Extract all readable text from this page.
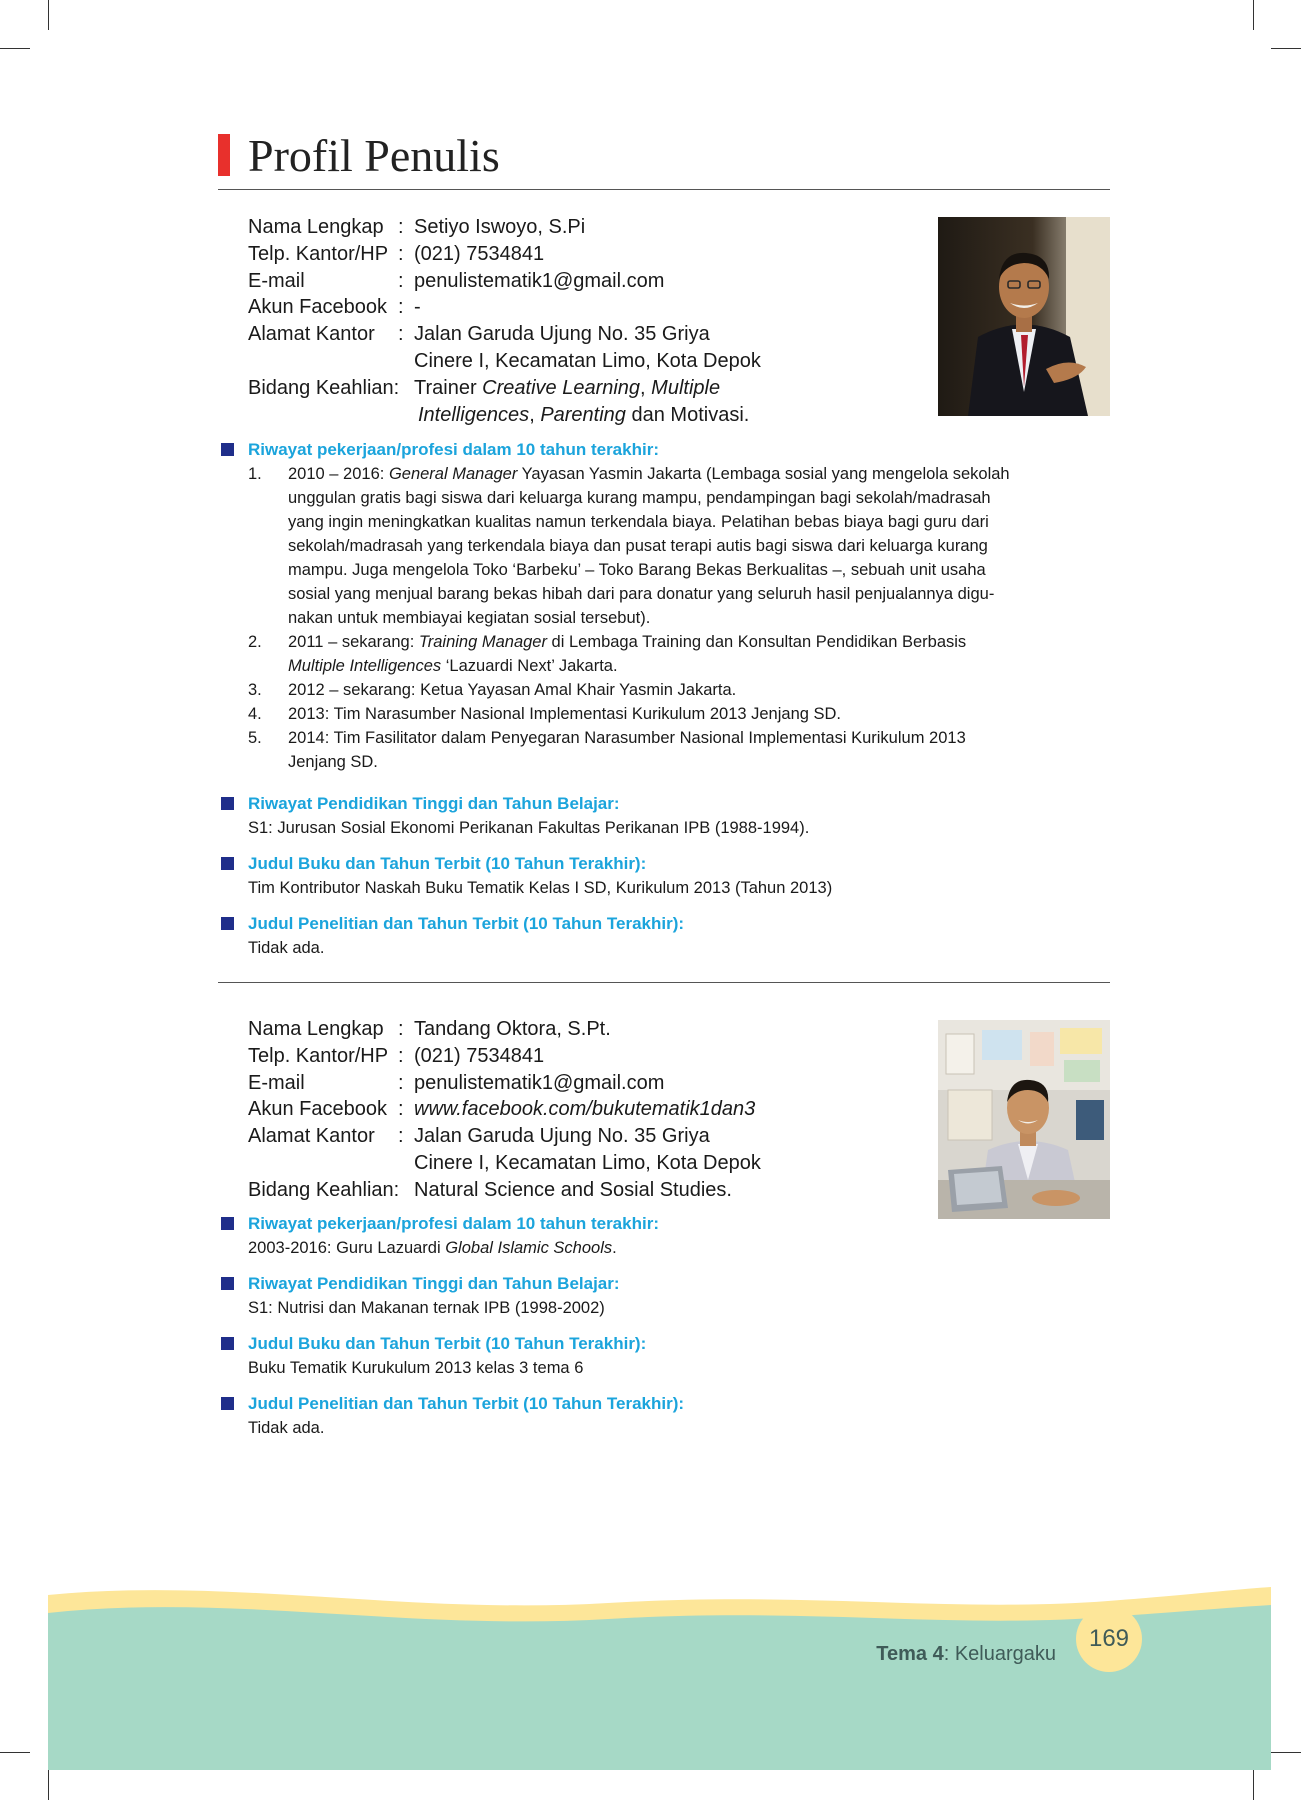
Profil Penulis
Nama Lengkap : Setiyo Iswoyo, S.Pi
Telp. Kantor/HP : (021) 7534841
E-mail	: penulistematik1@gmail.com
Akun Facebook : -
Alamat Kantor : Jalan Garuda Ujung No. 35 Griya
Cinere I, Kecamatan Limo, Kota Depok
Bidang Keahlian: Trainer Creative Learning, Multiple
Intelligences, Parenting dan Motivasi.
Riwayat pekerjaan/profesi dalam 10 tahun terakhir:
1. 2010 – 2016: General Manager Yayasan Yasmin Jakarta (Lembaga sosial yang mengelola sekolah
unggulan gratis bagi siswa dari keluarga kurang mampu, pendampingan bagi sekolah/madrasah
yang ingin meningkatkan kualitas namun terkendala biaya. Pelatihan bebas biaya bagi guru dari
sekolah/madrasah yang terkendala biaya dan pusat terapi autis bagi siswa dari keluarga kurang
mampu. Juga mengelola Toko ‘Barbeku’ – Toko Barang Bekas Berkualitas –, sebuah unit usaha
sosial yang menjual barang bekas hibah dari para donatur yang seluruh hasil penjualannya digu-
nakan untuk membiayai kegiatan sosial tersebut).
2. 2011 – sekarang: Training Manager di Lembaga Training dan Konsultan Pendidikan Berbasis
Multiple Intelligences ‘Lazuardi Next’ Jakarta.
3. 2012 – sekarang: Ketua Yayasan Amal Khair Yasmin Jakarta.
4. 2013: Tim Narasumber Nasional Implementasi Kurikulum 2013 Jenjang SD.
5. 2014: Tim Fasilitator dalam Penyegaran Narasumber Nasional Implementasi Kurikulum 2013
Jenjang SD.
Riwayat Pendidikan Tinggi dan Tahun Belajar:
S1: Jurusan Sosial Ekonomi Perikanan Fakultas Perikanan IPB (1988-1994).
Judul Buku dan Tahun Terbit (10 Tahun Terakhir):
Tim Kontributor Naskah Buku Tematik Kelas I SD, Kurikulum 2013 (Tahun 2013)
Judul Penelitian dan Tahun Terbit (10 Tahun Terakhir):
Tidak ada.
Nama Lengkap : Tandang Oktora, S.Pt.
Telp. Kantor/HP : (021) 7534841
E-mail	: penulistematik1@gmail.com
Akun Facebook : www.facebook.com/bukutematik1dan3
Alamat Kantor : Jalan Garuda Ujung No. 35 Griya
Cinere I, Kecamatan Limo, Kota Depok
Bidang Keahlian: Natural Science and Sosial Studies.
Riwayat pekerjaan/profesi dalam 10 tahun terakhir:
2003-2016: Guru Lazuardi Global Islamic Schools.
Riwayat Pendidikan Tinggi dan Tahun Belajar:
S1: Nutrisi dan Makanan ternak IPB (1998-2002)
Judul Buku dan Tahun Terbit (10 Tahun Terakhir):
Buku Tematik Kurukulum 2013 kelas 3 tema 6
Judul Penelitian dan Tahun Terbit (10 Tahun Terakhir):
Tidak ada.
Tema 4: Keluargaku
169
